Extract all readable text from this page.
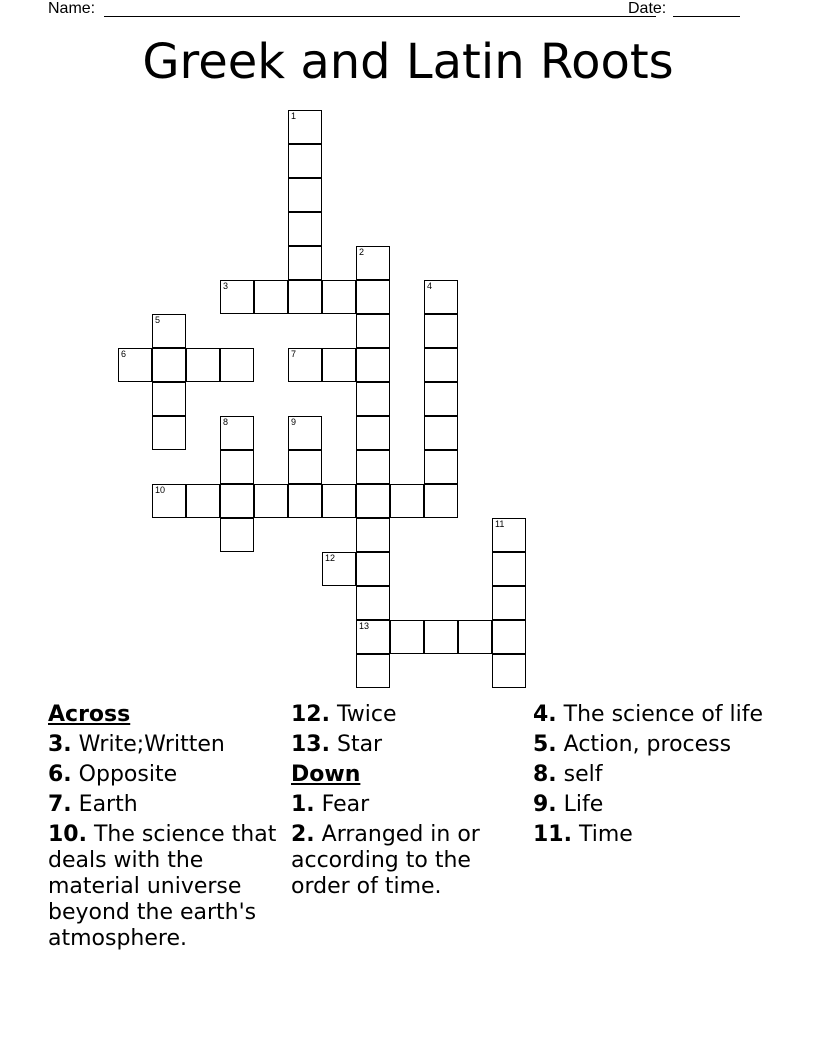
Name:	Date:
Greek and Latin Roots
1
2
13
3	4
5
6	7
8	9
10
11
12
Across
3. Write;Written
6. Opposite
7. Earth
10. The science that deals with the material universe beyond the earth's atmosphere.
12. Twice
13. Star
Down
1. Fear
2. Arranged in or according to the order of time.
4. The science of life
5. Action, process
8. self
9. Life
11. Time
